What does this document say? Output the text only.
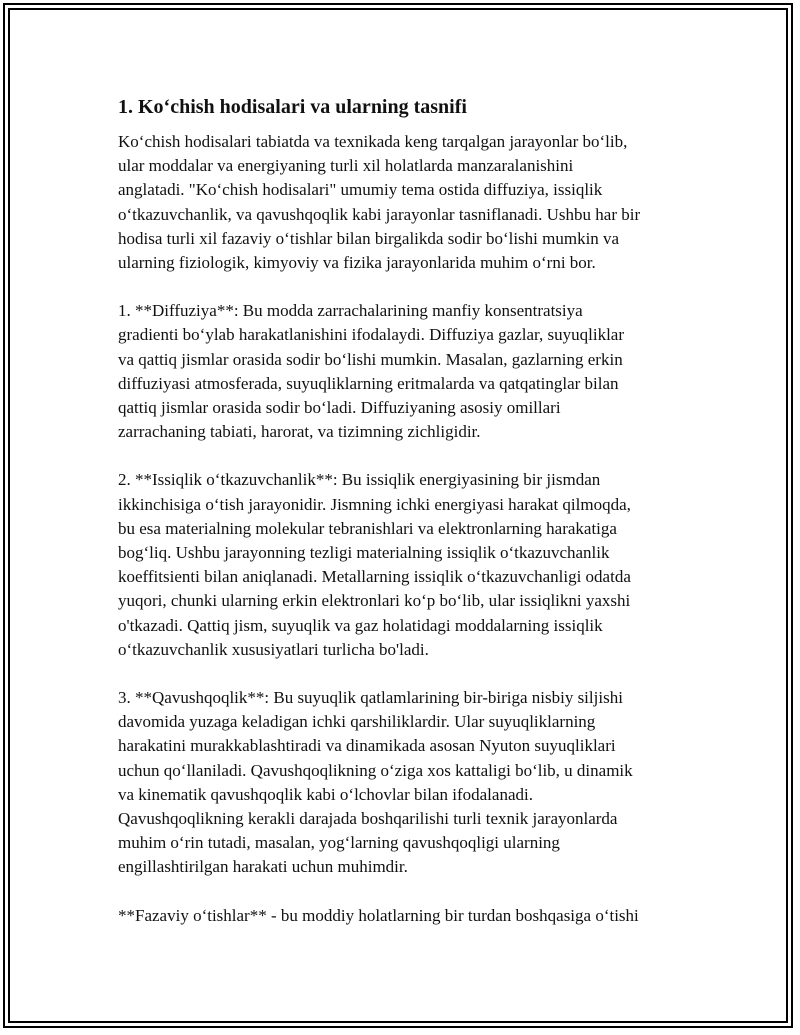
1. Ko‘chish hodisalari va ularning tasnifi

Ko‘chish hodisalari tabiatda va texnikada keng tarqalgan jarayonlar bo‘lib,
ular moddalar va energiyaning turli xil holatlarda manzaralanishini
anglatadi. "Ko‘chish hodisalari" umumiy tema ostida diffuziya, issiqlik
o‘tkazuvchanlik, va qavushqoqlik kabi jarayonlar tasniflanadi. Ushbu har bir
hodisa turli xil fazaviy o‘tishlar bilan birgalikda sodir bo‘lishi mumkin va
ularning fiziologik, kimyoviy va fizika jarayonlarida muhim o‘rni bor.

1. **Diffuziya**: Bu modda zarrachalarining manfiy konsentratsiya
gradienti bo‘ylab harakatlanishini ifodalaydi. Diffuziya gazlar, suyuqliklar
va qattiq jismlar orasida sodir bo‘lishi mumkin. Masalan, gazlarning erkin
diffuziyasi atmosferada, suyuqliklarning eritmalarda va qatqatinglar bilan
qattiq jismlar orasida sodir bo‘ladi. Diffuziyaning asosiy omillari
zarrachaning tabiati, harorat, va tizimning zichligidir.

2. **Issiqlik o‘tkazuvchanlik**: Bu issiqlik energiyasining bir jismdan
ikkinchisiga o‘tish jarayonidir. Jismning ichki energiyasi harakat qilmoqda,
bu esa materialning molekular tebranishlari va elektronlarning harakatiga
bog‘liq. Ushbu jarayonning tezligi materialning issiqlik o‘tkazuvchanlik
koeffitsienti bilan aniqlanadi. Metallarning issiqlik o‘tkazuvchanligi odatda
yuqori, chunki ularning erkin elektronlari ko‘p bo‘lib, ular issiqlikni yaxshi
o'tkazadi. Qattiq jism, suyuqlik va gaz holatidagi moddalarning issiqlik
o‘tkazuvchanlik xususiyatlari turlicha bo'ladi.

3. **Qavushqoqlik**: Bu suyuqlik qatlamlarining bir-biriga nisbiy siljishi
davomida yuzaga keladigan ichki qarshiliklardir. Ular suyuqliklarning
harakatini murakkablashtiradi va dinamikada asosan Nyuton suyuqliklari
uchun qo‘llaniladi. Qavushqoqlikning o‘ziga xos kattaligi bo‘lib, u dinamik
va kinematik qavushqoqlik kabi o‘lchovlar bilan ifodalanadi.
Qavushqoqlikning kerakli darajada boshqarilishi turli texnik jarayonlarda
muhim o‘rin tutadi, masalan, yog‘larning qavushqoqligi ularning
engillashtirilgan harakati uchun muhimdir.

**Fazaviy o‘tishlar** - bu moddiy holatlarning bir turdan boshqasiga o‘tishi
